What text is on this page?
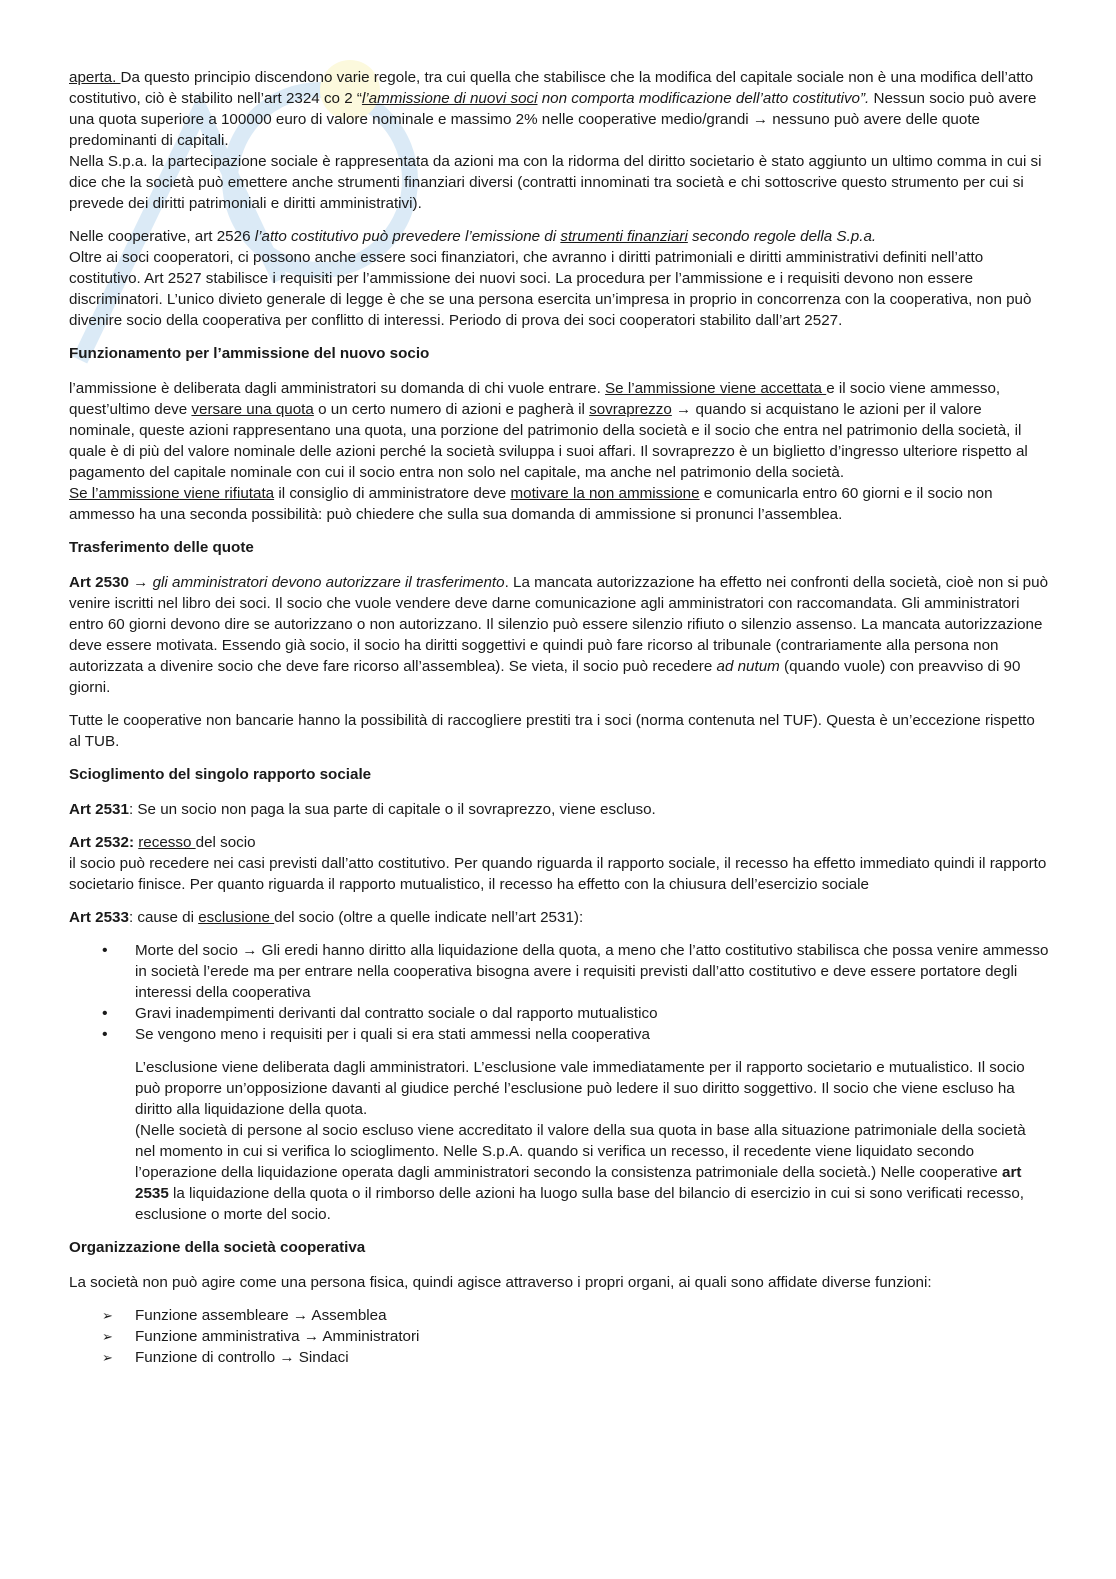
aperta. Da questo principio discendono varie regole, tra cui quella che stabilisce che la modifica del capitale sociale non è una modifica dell’atto costitutivo, ciò è stabilito nell’art 2324 co 2 “l’ammissione di nuovi soci non comporta modificazione dell’atto costitutivo”. Nessun socio può avere una quota superiore a 100000 euro di valore nominale e massimo 2% nelle cooperative medio/grandi → nessuno può avere delle quote predominanti di capitali.
Nella S.p.a. la partecipazione sociale è rappresentata da azioni ma con la ridorma del diritto societario è stato aggiunto un ultimo comma in cui si dice che la società può emettere anche strumenti finanziari diversi (contratti innominati tra società e chi sottoscrive questo strumento per cui si prevede dei diritti patrimoniali e diritti amministrativi).

Nelle cooperative, art 2526 l’atto costitutivo può prevedere l’emissione di strumenti finanziari secondo regole della S.p.a.
Oltre ai soci cooperatori, ci possono anche essere soci finanziatori, che avranno i diritti patrimoniali e diritti amministrativi definiti nell’atto costitutivo. Art 2527 stabilisce i requisiti per l’ammissione dei nuovi soci. La procedura per l’ammissione e i requisiti devono non essere discriminatori. L’unico divieto generale di legge è che se una persona esercita un’impresa in proprio in concorrenza con la cooperativa, non può divenire socio della cooperativa per conflitto di interessi. Periodo di prova dei soci cooperatori stabilito dall’art 2527.

Funzionamento per l’ammissione del nuovo socio

l’ammissione è deliberata dagli amministratori su domanda di chi vuole entrare. Se l’ammissione viene accettata e il socio viene ammesso, quest’ultimo deve versare una quota o un certo numero di azioni e pagherà il sovraprezzo → quando si acquistano le azioni per il valore nominale, queste azioni rappresentano una quota, una porzione del patrimonio della società e il socio che entra nel patrimonio della società, il quale è di più del valore nominale delle azioni perché la società sviluppa i suoi affari. Il sovraprezzo è un biglietto d’ingresso ulteriore rispetto al pagamento del capitale nominale con cui il socio entra non solo nel capitale, ma anche nel patrimonio della società.
Se l’ammissione viene rifiutata il consiglio di amministratore deve motivare la non ammissione e comunicarla entro 60 giorni e il socio non ammesso ha una seconda possibilità: può chiedere che sulla sua domanda di ammissione si pronunci l’assemblea.

Trasferimento delle quote

Art 2530 → gli amministratori devono autorizzare il trasferimento. La mancata autorizzazione ha effetto nei confronti della società, cioè non si può venire iscritti nel libro dei soci. Il socio che vuole vendere deve darne comunicazione agli amministratori con raccomandata. Gli amministratori entro 60 giorni devono dire se autorizzano o non autorizzano. Il silenzio può essere silenzio rifiuto o silenzio assenso. La mancata autorizzazione deve essere motivata. Essendo già socio, il socio ha diritti soggettivi e quindi può fare ricorso al tribunale (contrariamente alla persona non autorizzata a divenire socio che deve fare ricorso all’assemblea). Se vieta, il socio può recedere ad nutum (quando vuole) con preavviso di 90 giorni.

Tutte le cooperative non bancarie hanno la possibilità di raccogliere prestiti tra i soci (norma contenuta nel TUF). Questa è un’eccezione rispetto al TUB.

Scioglimento del singolo rapporto sociale

Art 2531: Se un socio non paga la sua parte di capitale o il sovraprezzo, viene escluso.

Art 2532: recesso del socio
il socio può recedere nei casi previsti dall’atto costitutivo. Per quando riguarda il rapporto sociale, il recesso ha effetto immediato quindi il rapporto societario finisce. Per quanto riguarda il rapporto mutualistico, il recesso ha effetto con la chiusura dell’esercizio sociale

Art 2533: cause di esclusione del socio (oltre a quelle indicate nell’art 2531):

• Morte del socio → Gli eredi hanno diritto alla liquidazione della quota, a meno che l’atto costitutivo stabilisca che possa venire ammesso in società l’erede ma per entrare nella cooperativa bisogna avere i requisiti previsti dall’atto costitutivo e deve essere portatore degli interessi della cooperativa
• Gravi inadempimenti derivanti dal contratto sociale o dal rapporto mutualistico
• Se vengono meno i requisiti per i quali si era stati ammessi nella cooperativa

L’esclusione viene deliberata dagli amministratori. L’esclusione vale immediatamente per il rapporto societario e mutualistico. Il socio può proporre un’opposizione davanti al giudice perché l’esclusione può ledere il suo diritto soggettivo. Il socio che viene escluso ha diritto alla liquidazione della quota.
(Nelle società di persone al socio escluso viene accreditato il valore della sua quota in base alla situazione patrimoniale della società nel momento in cui si verifica lo scioglimento. Nelle S.p.A. quando si verifica un recesso, il recedente viene liquidato secondo l’operazione della liquidazione operata dagli amministratori secondo la consistenza patrimoniale della società.) Nelle cooperative art 2535 la liquidazione della quota o il rimborso delle azioni ha luogo sulla base del bilancio di esercizio in cui si sono verificati recesso, esclusione o morte del socio.

Organizzazione della società cooperativa

La società non può agire come una persona fisica, quindi agisce attraverso i propri organi, ai quali sono affidate diverse funzioni:

➢ Funzione assembleare → Assemblea
➢ Funzione amministrativa → Amministratori
➢ Funzione di controllo → Sindaci
